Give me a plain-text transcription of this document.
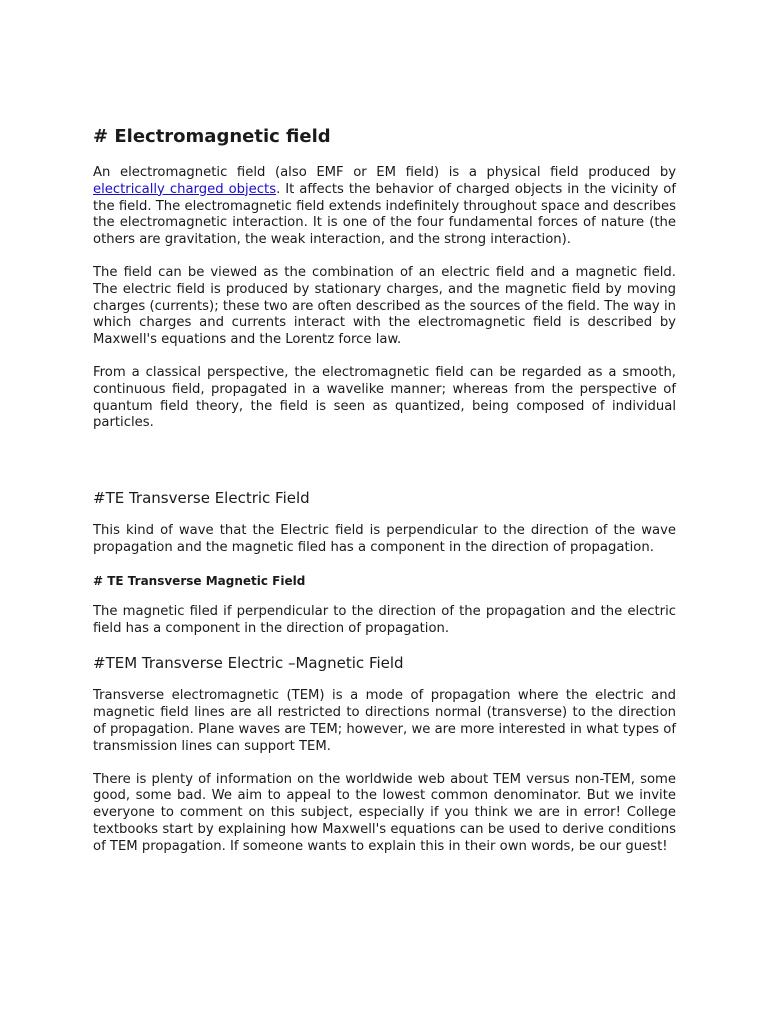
# Electromagnetic field

An electromagnetic field (also EMF or EM field) is a physical field produced by electrically charged objects. It affects the behavior of charged objects in the vicinity of the field. The electromagnetic field extends indefinitely throughout space and describes the electromagnetic interaction. It is one of the four fundamental forces of nature (the others are gravitation, the weak interaction, and the strong interaction).

The field can be viewed as the combination of an electric field and a magnetic field. The electric field is produced by stationary charges, and the magnetic field by moving charges (currents); these two are often described as the sources of the field. The way in which charges and currents interact with the electromagnetic field is described by Maxwell's equations and the Lorentz force law.

From a classical perspective, the electromagnetic field can be regarded as a smooth, continuous field, propagated in a wavelike manner; whereas from the perspective of quantum field theory, the field is seen as quantized, being composed of individual particles.

#TE Transverse Electric Field

This kind of wave that the Electric field is perpendicular to the direction of the wave propagation and the magnetic filed has a component in the direction of propagation.

# TE Transverse Magnetic Field

The magnetic filed if perpendicular to the direction of the propagation and the electric field has a component in the direction of propagation.

#TEM Transverse Electric –Magnetic Field

Transverse electromagnetic (TEM) is a mode of propagation where the electric and magnetic field lines are all restricted to directions normal (transverse) to the direction of propagation. Plane waves are TEM; however, we are more interested in what types of transmission lines can support TEM.

There is plenty of information on the worldwide web about TEM versus non-TEM, some good, some bad. We aim to appeal to the lowest common denominator. But we invite everyone to comment on this subject, especially if you think we are in error! College textbooks start by explaining how Maxwell's equations can be used to derive conditions of TEM propagation. If someone wants to explain this in their own words, be our guest!
